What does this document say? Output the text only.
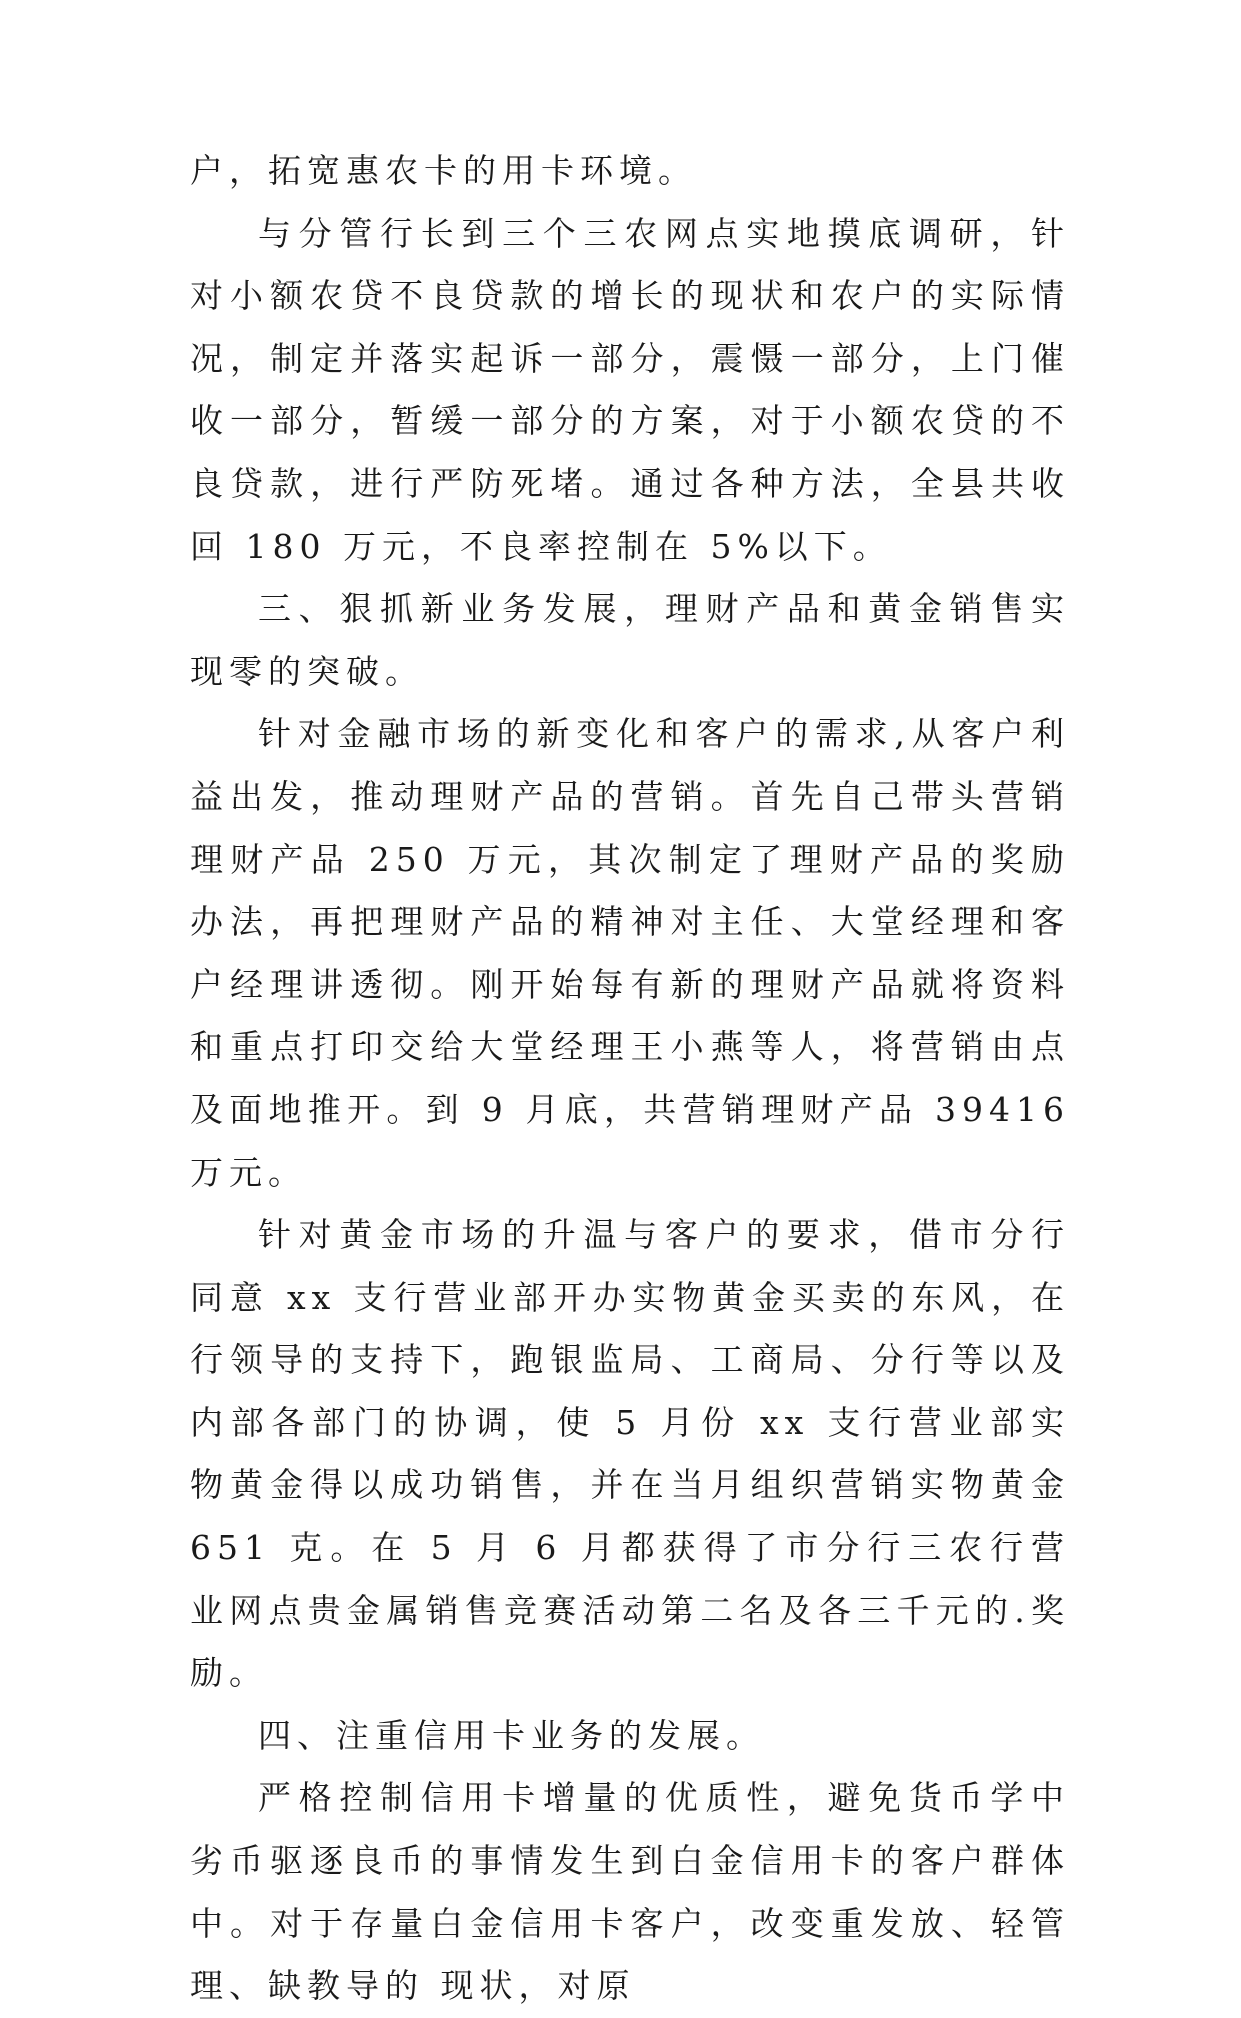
户，拓宽惠农卡的用卡环境。

与分管行长到三个三农网点实地摸底调研，针对小额农贷不良贷款的增长的现状和农户的实际情况，制定并落实起诉一部分，震慑一部分，上门催收一部分，暂缓一部分的方案，对于小额农贷的不良贷款，进行严防死堵。通过各种方法，全县共收回 180 万元，不良率控制在 5%以下。

三、狠抓新业务发展，理财产品和黄金销售实现零的突破。

针对金融市场的新变化和客户的需求,从客户利益出发，推动理财产品的营销。首先自己带头营销理财产品 250 万元，其次制定了理财产品的奖励办法，再把理财产品的精神对主任、大堂经理和客户经理讲透彻。刚开始每有新的理财产品就将资料和重点打印交给大堂经理王小燕等人，将营销由点及面地推开。到 9 月底，共营销理财产品 39416 万元。

针对黄金市场的升温与客户的要求，借市分行同意 xx 支行营业部开办实物黄金买卖的东风，在行领导的支持下，跑银监局、工商局、分行等以及内部各部门的协调，使 5 月份 xx 支行营业部实物黄金得以成功销售，并在当月组织营销实物黄金 651 克。在 5 月 6 月都获得了市分行三农行营业网点贵金属销售竞赛活动第二名及各三千元的.奖励。

四、注重信用卡业务的发展。

严格控制信用卡增量的优质性，避免货币学中劣币驱逐良币的事情发生到白金信用卡的客户群体中。对于存量白金信用卡客户，改变重发放、轻管理、缺教导的 现状，对原
